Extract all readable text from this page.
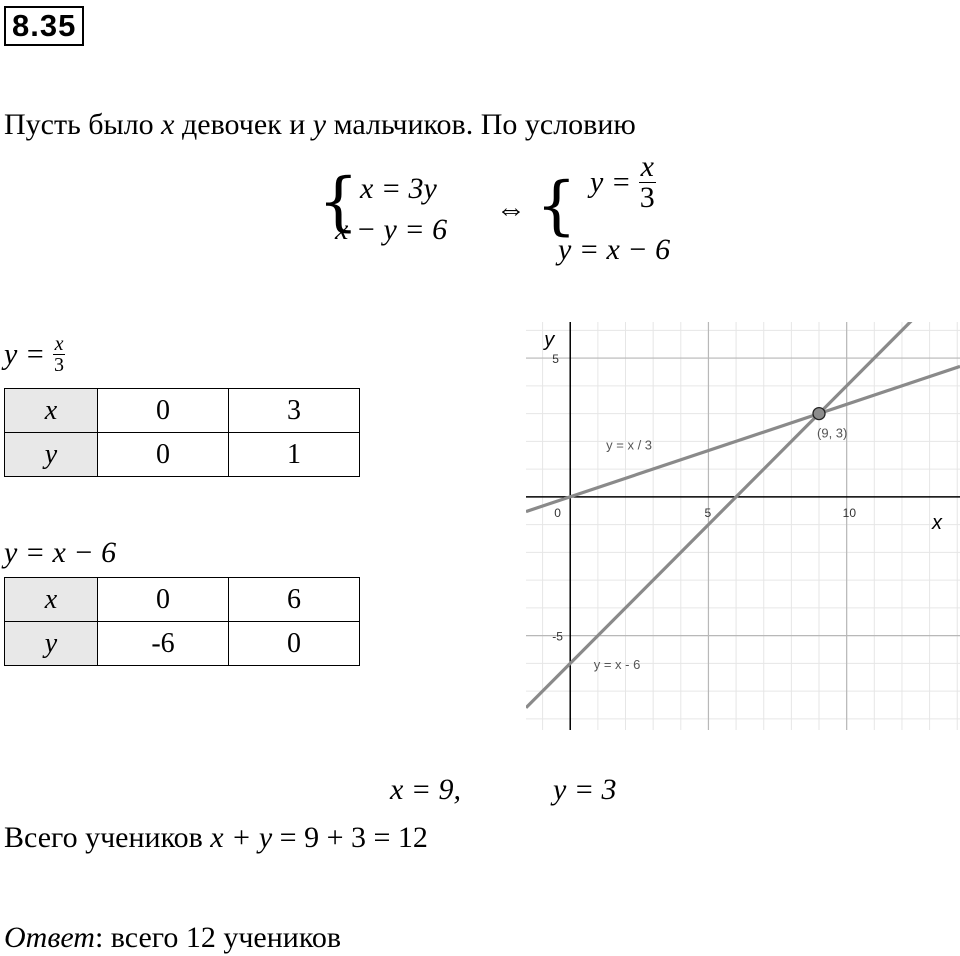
8.35
Пусть было x девочек и y мальчиков. По условию
{ x = 3y
x − y = 6
⇔ { $y = \frac{x}{3}$
y = x − 6
$y = \frac{x}{3}$
x	0	3
y	0	1
y = x − 6
x	0	6
y	-6	0
0	5	10
5
-5
x
y
y = x / 3
y = x - 6
(9, 3)
x = 9,	y = 3
Всего учеников x + y = 9 + 3 = 12
Ответ: всего 12 учеников
